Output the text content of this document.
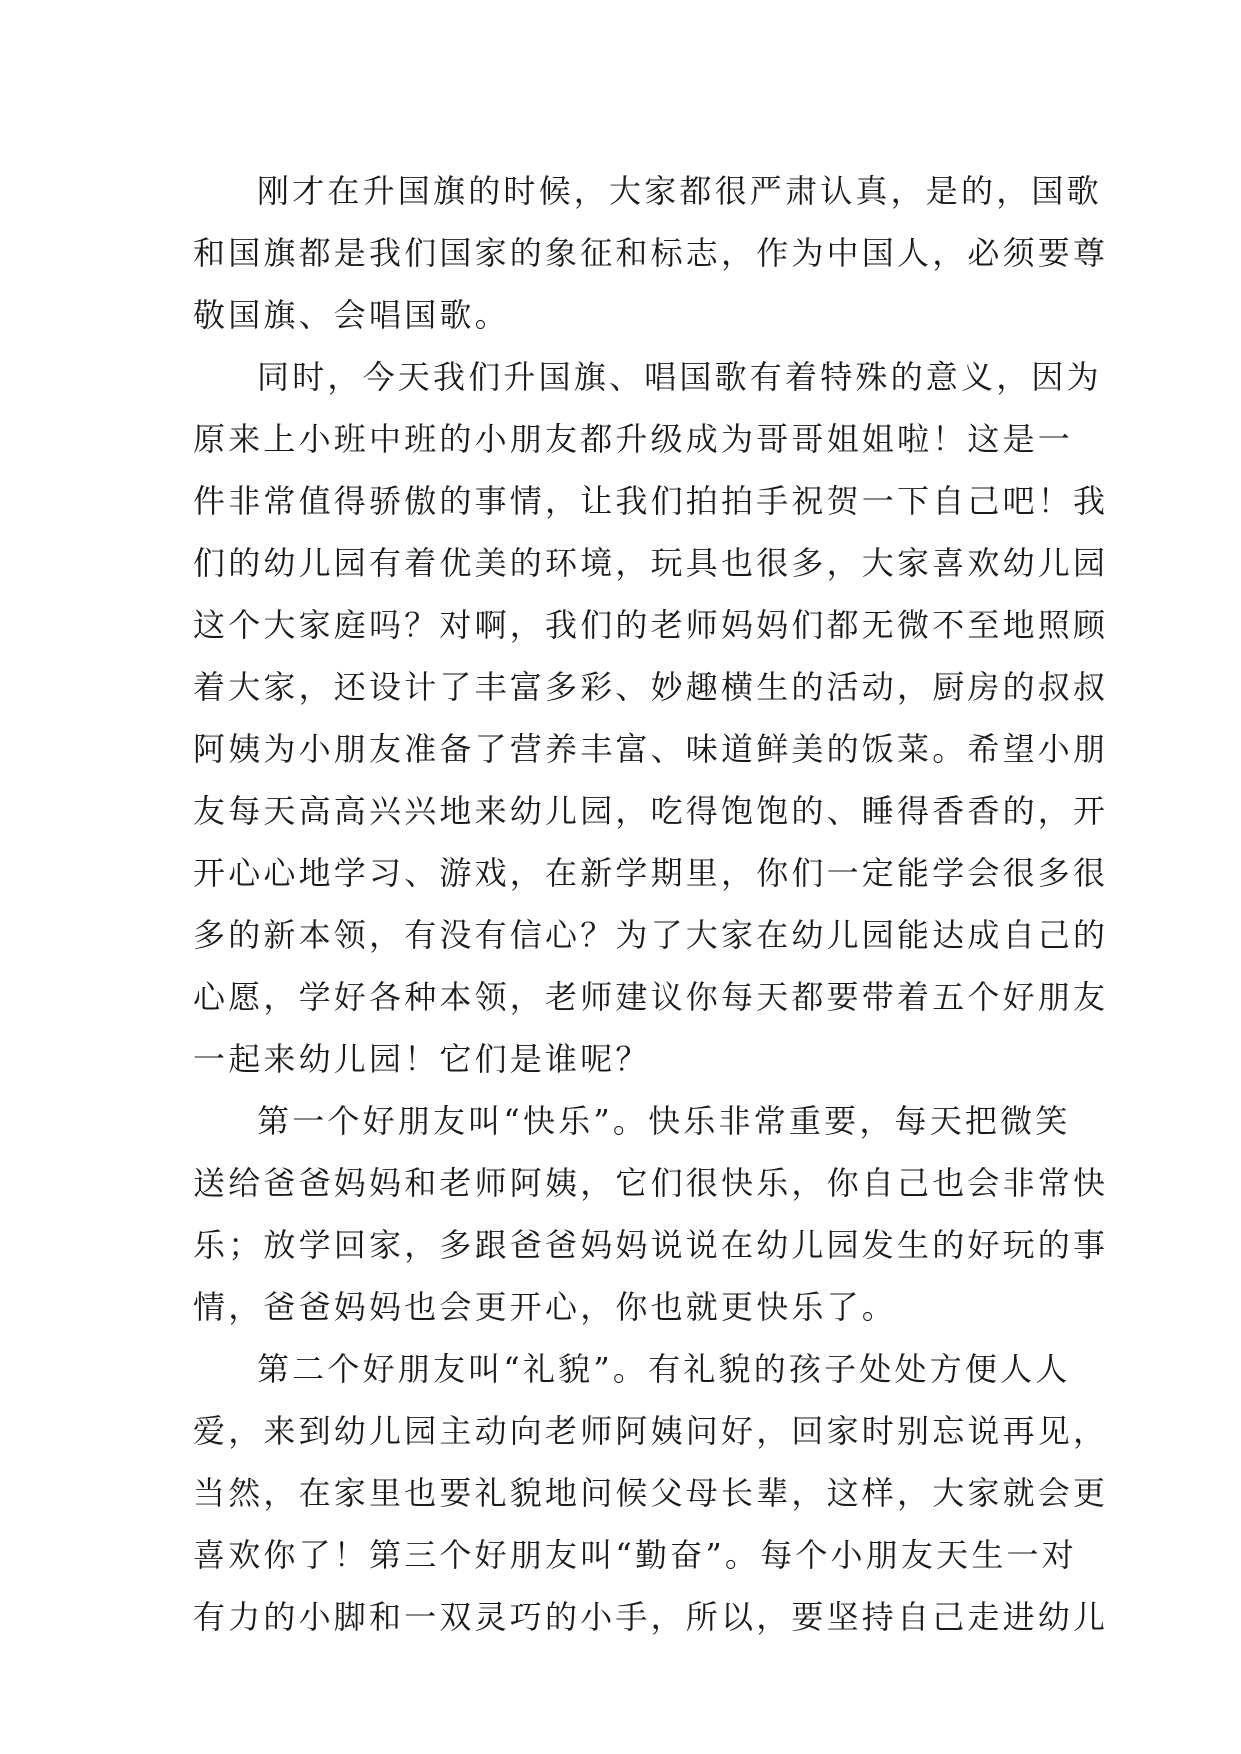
刚才在升国旗的时候，大家都很严肃认真，是的，国歌
和国旗都是我们国家的象征和标志，作为中国人，必须要尊
敬国旗、会唱国歌。
同时，今天我们升国旗、唱国歌有着特殊的意义，因为
原来上小班中班的小朋友都升级成为哥哥姐姐啦！这是一
件非常值得骄傲的事情，让我们拍拍手祝贺一下自己吧！我
们的幼儿园有着优美的环境，玩具也很多，大家喜欢幼儿园
这个大家庭吗？对啊，我们的老师妈妈们都无微不至地照顾
着大家，还设计了丰富多彩、妙趣横生的活动，厨房的叔叔
阿姨为小朋友准备了营养丰富、味道鲜美的饭菜。希望小朋
友每天高高兴兴地来幼儿园，吃得饱饱的、睡得香香的，开
开心心地学习、游戏，在新学期里，你们一定能学会很多很
多的新本领，有没有信心？为了大家在幼儿园能达成自己的
心愿，学好各种本领，老师建议你每天都要带着五个好朋友
一起来幼儿园！它们是谁呢？
第一个好朋友叫“快乐”。快乐非常重要，每天把微笑
送给爸爸妈妈和老师阿姨，它们很快乐，你自己也会非常快
乐；放学回家，多跟爸爸妈妈说说在幼儿园发生的好玩的事
情，爸爸妈妈也会更开心，你也就更快乐了。
第二个好朋友叫“礼貌”。有礼貌的孩子处处方便人人
爱，来到幼儿园主动向老师阿姨问好，回家时别忘说再见，
当然，在家里也要礼貌地问候父母长辈，这样，大家就会更
喜欢你了！第三个好朋友叫“勤奋”。每个小朋友天生一对
有力的小脚和一双灵巧的小手，所以，要坚持自己走进幼儿
